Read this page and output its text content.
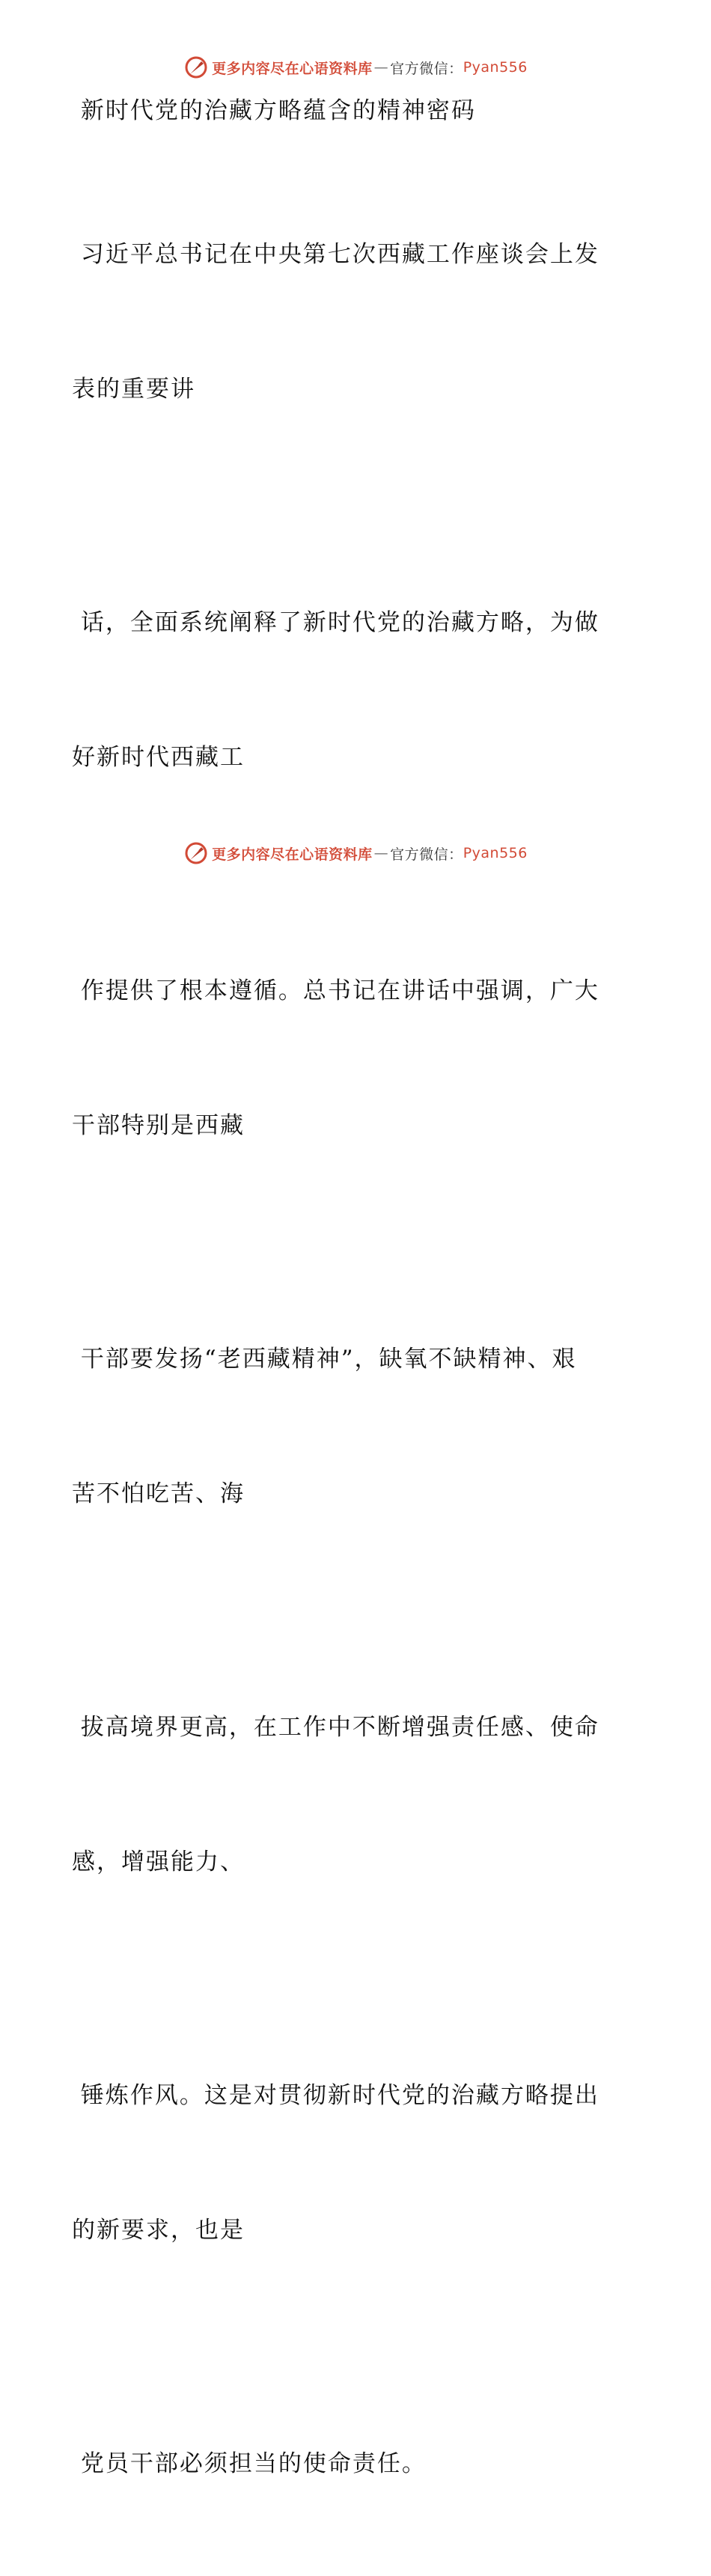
更多内容尽在心语资料库 — 官方微信： Pyan556

新时代党的治藏方略蕴含的精神密码

习近平总书记在中央第七次西藏工作座谈会上发

表的重要讲

话，全面系统阐释了新时代党的治藏方略，为做

好新时代西藏工

作提供了根本遵循。总书记在讲话中强调，广大

干部特别是西藏

干部要发扬“老西藏精神”，缺氧不缺精神、艰

苦不怕吃苦、海

拔高境界更高，在工作中不断增强责任感、使命

感，增强能力、

锤炼作风。这是对贯彻新时代党的治藏方略提出

的新要求，也是

党员干部必须担当的使命责任。

更多内容尽在心语资料库 — 官方微信： Pyan556
